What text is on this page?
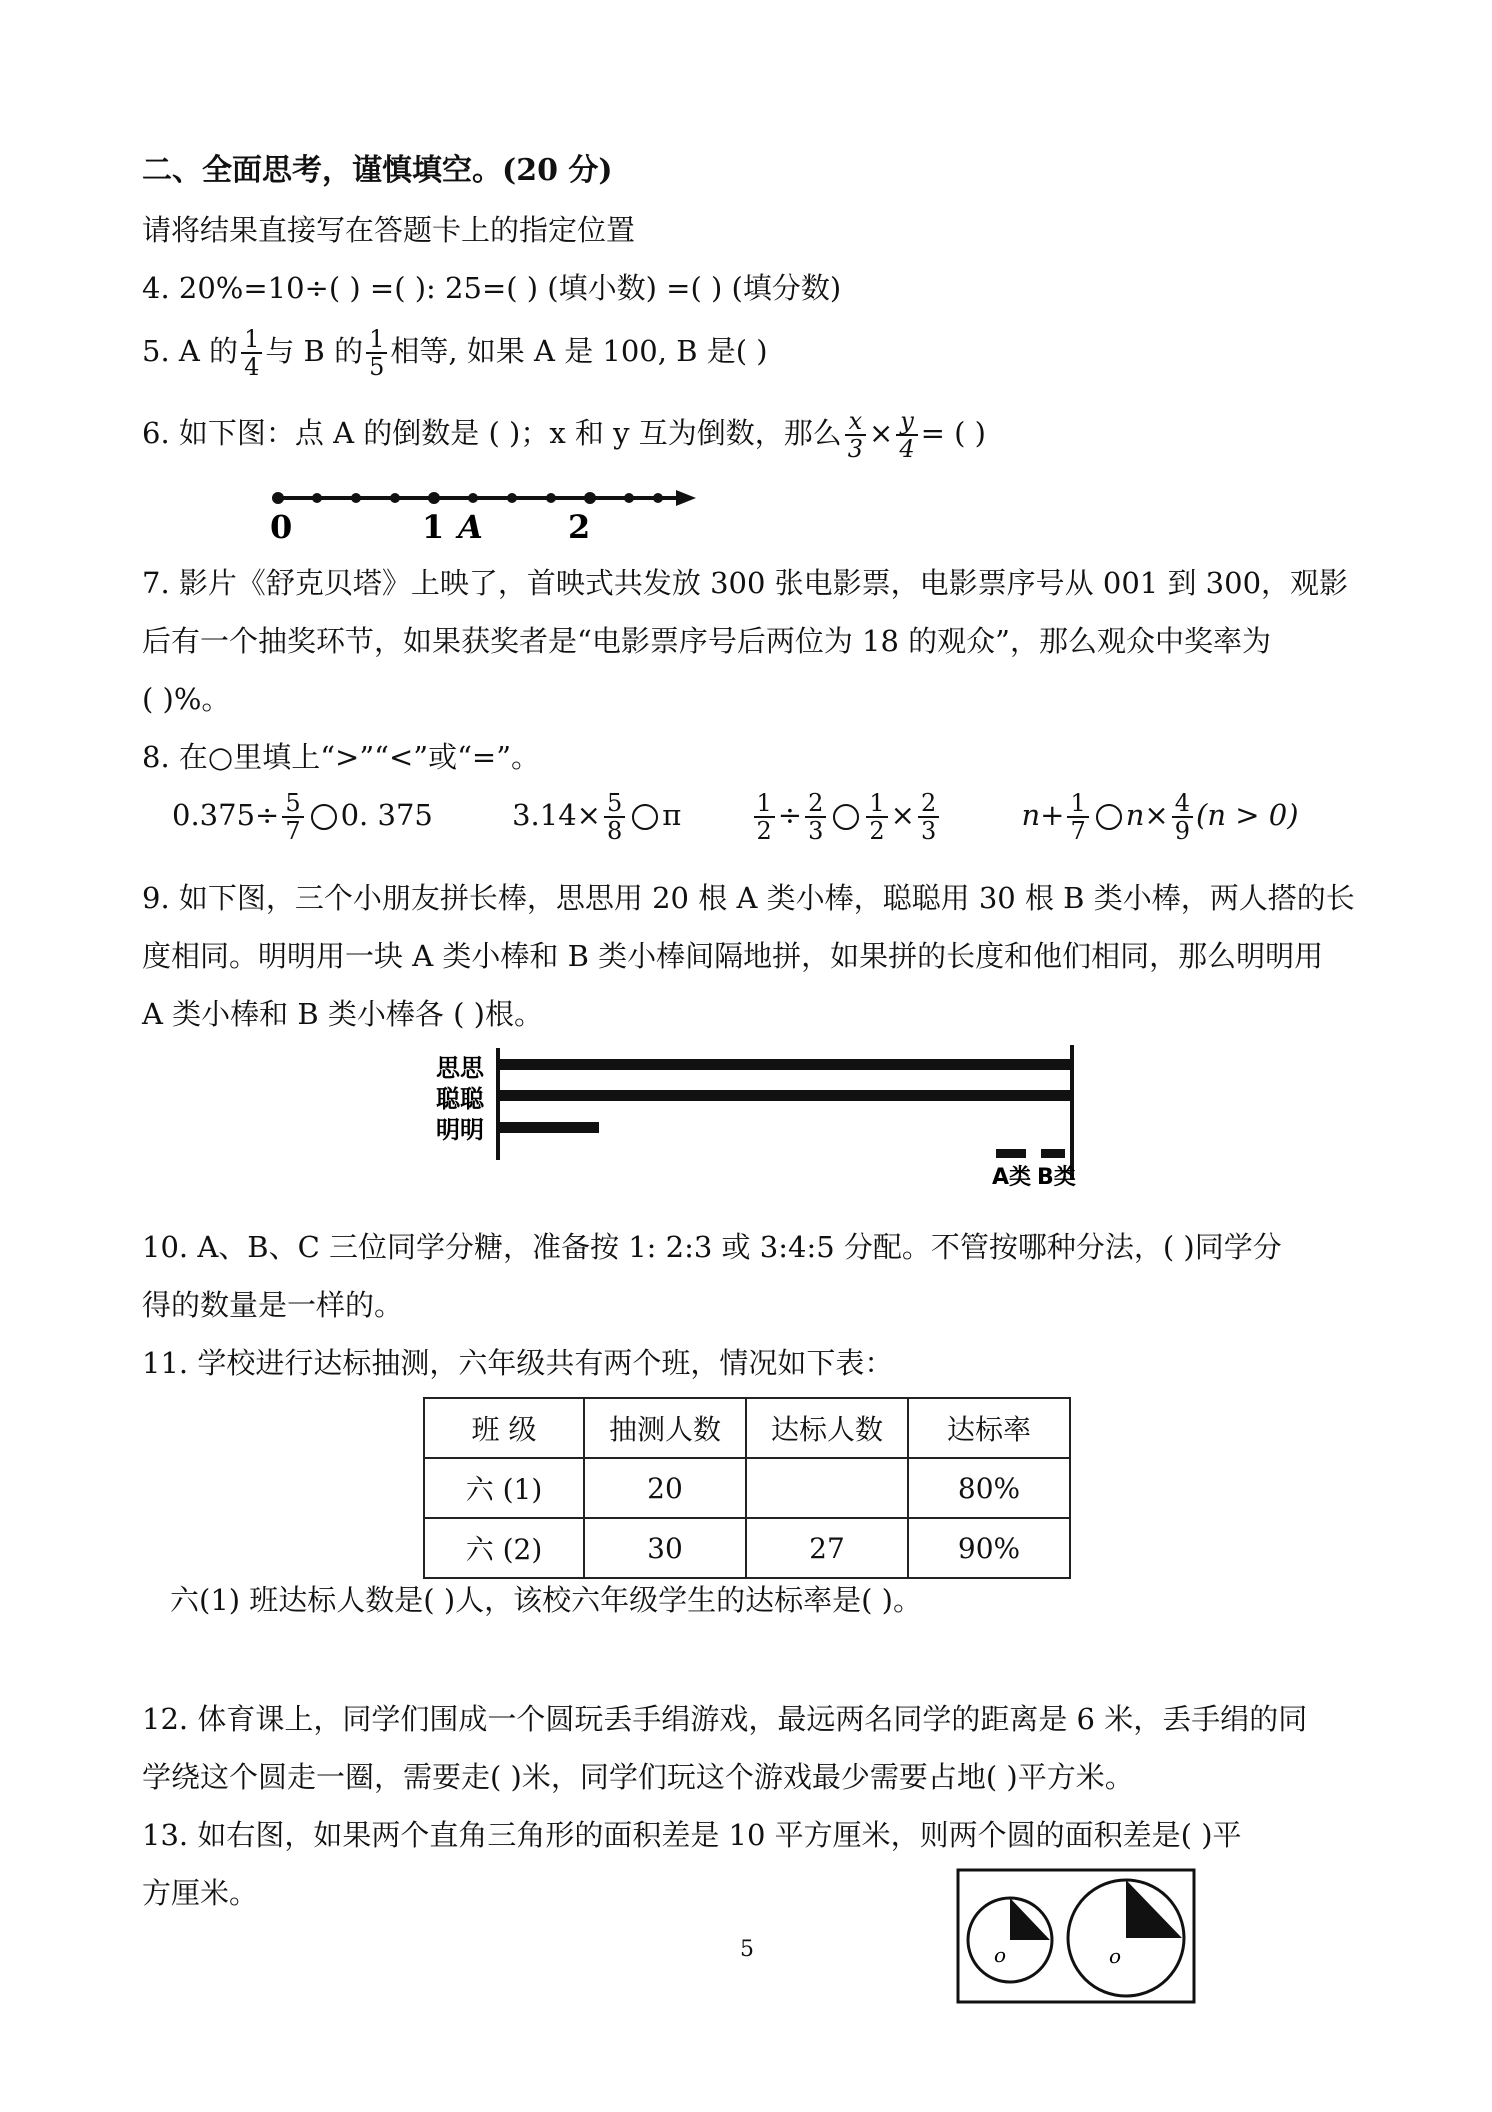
二、全面思考，谨慎填空。(20 分)
请将结果直接写在答题卡上的指定位置
4. 20%=10÷( ) =( ): 25=( ) (填小数) =( ) (填分数)
5. A 的 $\frac{1}{4}$ 与 B 的 $\frac{1}{5}$ 相等, 如果 A 是 100, B 是( )
6. 如下图：点 A 的倒数是 ( )；x 和 y 互为倒数，那么 $\frac{x}{3} \times \frac{y}{4}$ = ( )
0	1 A	2
7. 影片《舒克贝塔》上映了，首映式共发放 300 张电影票，电影票序号从 001 到 300，观影
后有一个抽奖环节，如果获奖者是“电影票序号后两位为 18 的观众”，那么观众中奖率为
( )%。
8. 在○里填上“>”“<”或“=”。
$0.375\div \frac{5}{7} 0$. 375	$3.14\times \frac{5}{8}$ π	$\frac{1}{2} \div \frac{2}{3} \frac{1}{2} \times \frac{2}{3}$	$n+ \frac{1}{7} n\times \frac{4}{9} (n > 0)$
9. 如下图，三个小朋友拼长棒，思思用 20 根 A 类小棒，聪聪用 30 根 B 类小棒，两人搭的长
度相同。明明用一块 A 类小棒和 B 类小棒间隔地拼，如果拼的长度和他们相同，那么明明用
A 类小棒和 B 类小棒各 ( )根。
思思
聪聪
明明
A类 B类
10. A、B、C 三位同学分糖，准备按 1: 2:3 或 3:4:5 分配。不管按哪种分法，( )同学分
得的数量是一样的。
11. 学校进行达标抽测，六年级共有两个班，情况如下表：
班 级	抽测人数	达标人数	达标率
六 (1)	20		80%
六 (2)	30	27	90%
六(1) 班达标人数是( )人，该校六年级学生的达标率是( )。
12. 体育课上，同学们围成一个圆玩丢手绢游戏，最远两名同学的距离是 6 米，丢手绢的同
学绕这个圆走一圈，需要走( )米，同学们玩这个游戏最少需要占地( )平方米。
13. 如右图，如果两个直角三角形的面积差是 10 平方厘米，则两个圆的面积差是( )平
方厘米。
o	o
5
